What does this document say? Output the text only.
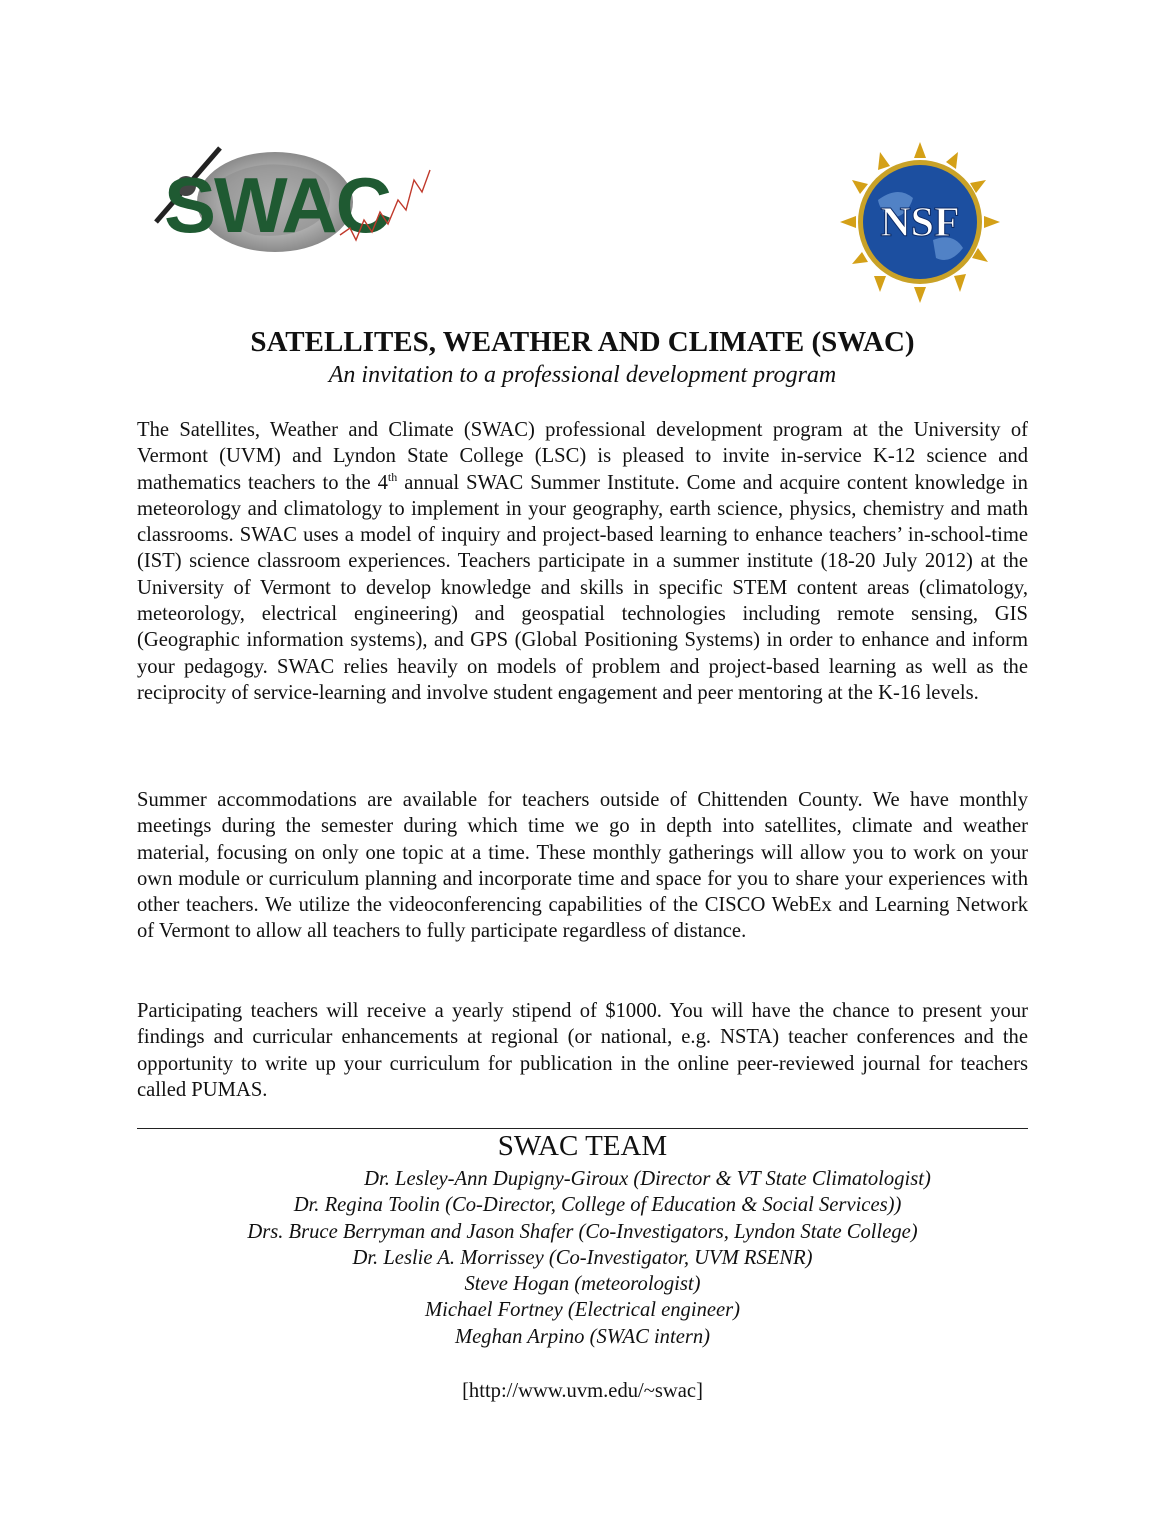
SWAC	NSF
SATELLITES, WEATHER AND CLIMATE (SWAC)

An invitation to a professional development program

The Satellites, Weather and Climate (SWAC) professional development program at the University of Vermont (UVM) and Lyndon State College (LSC) is pleased to invite in-service K-12 science and mathematics teachers to the 4th annual SWAC Summer Institute. Come and acquire content knowledge in meteorology and climatology to implement in your geography, earth science, physics, chemistry and math classrooms. SWAC uses a model of inquiry and project-based learning to enhance teachers’ in-school-time (IST) science classroom experiences. Teachers participate in a summer institute (18-20 July 2012) at the University of Vermont to develop knowledge and skills in specific STEM content areas (climatology, meteorology, electrical engineering) and geospatial technologies including remote sensing, GIS (Geographic information systems), and GPS (Global Positioning Systems) in order to enhance and inform your pedagogy. SWAC relies heavily on models of problem and project-based learning as well as the reciprocity of service-learning and involve student engagement and peer mentoring at the K-16 levels.

Summer accommodations are available for teachers outside of Chittenden County. We have monthly meetings during the semester during which time we go in depth into satellites, climate and weather material, focusing on only one topic at a time. These monthly gatherings will allow you to work on your own module or curriculum planning and incorporate time and space for you to share your experiences with other teachers. We utilize the videoconferencing capabilities of the CISCO WebEx and Learning Network of Vermont to allow all teachers to fully participate regardless of distance.

Participating teachers will receive a yearly stipend of $1000. You will have the chance to present your findings and curricular enhancements at regional (or national, e.g. NSTA) teacher conferences and the opportunity to write up your curriculum for publication in the online peer-reviewed journal for teachers called PUMAS.

SWAC TEAM
Dr. Lesley-Ann Dupigny-Giroux (Director & VT State Climatologist)
Dr. Regina Toolin (Co-Director, College of Education & Social Services))
Drs. Bruce Berryman and Jason Shafer (Co-Investigators, Lyndon State College)
Dr. Leslie A. Morrissey (Co-Investigator, UVM RSENR)
Steve Hogan (meteorologist)
Michael Fortney (Electrical engineer)
Meghan Arpino (SWAC intern)

[http://www.uvm.edu/~swac]
